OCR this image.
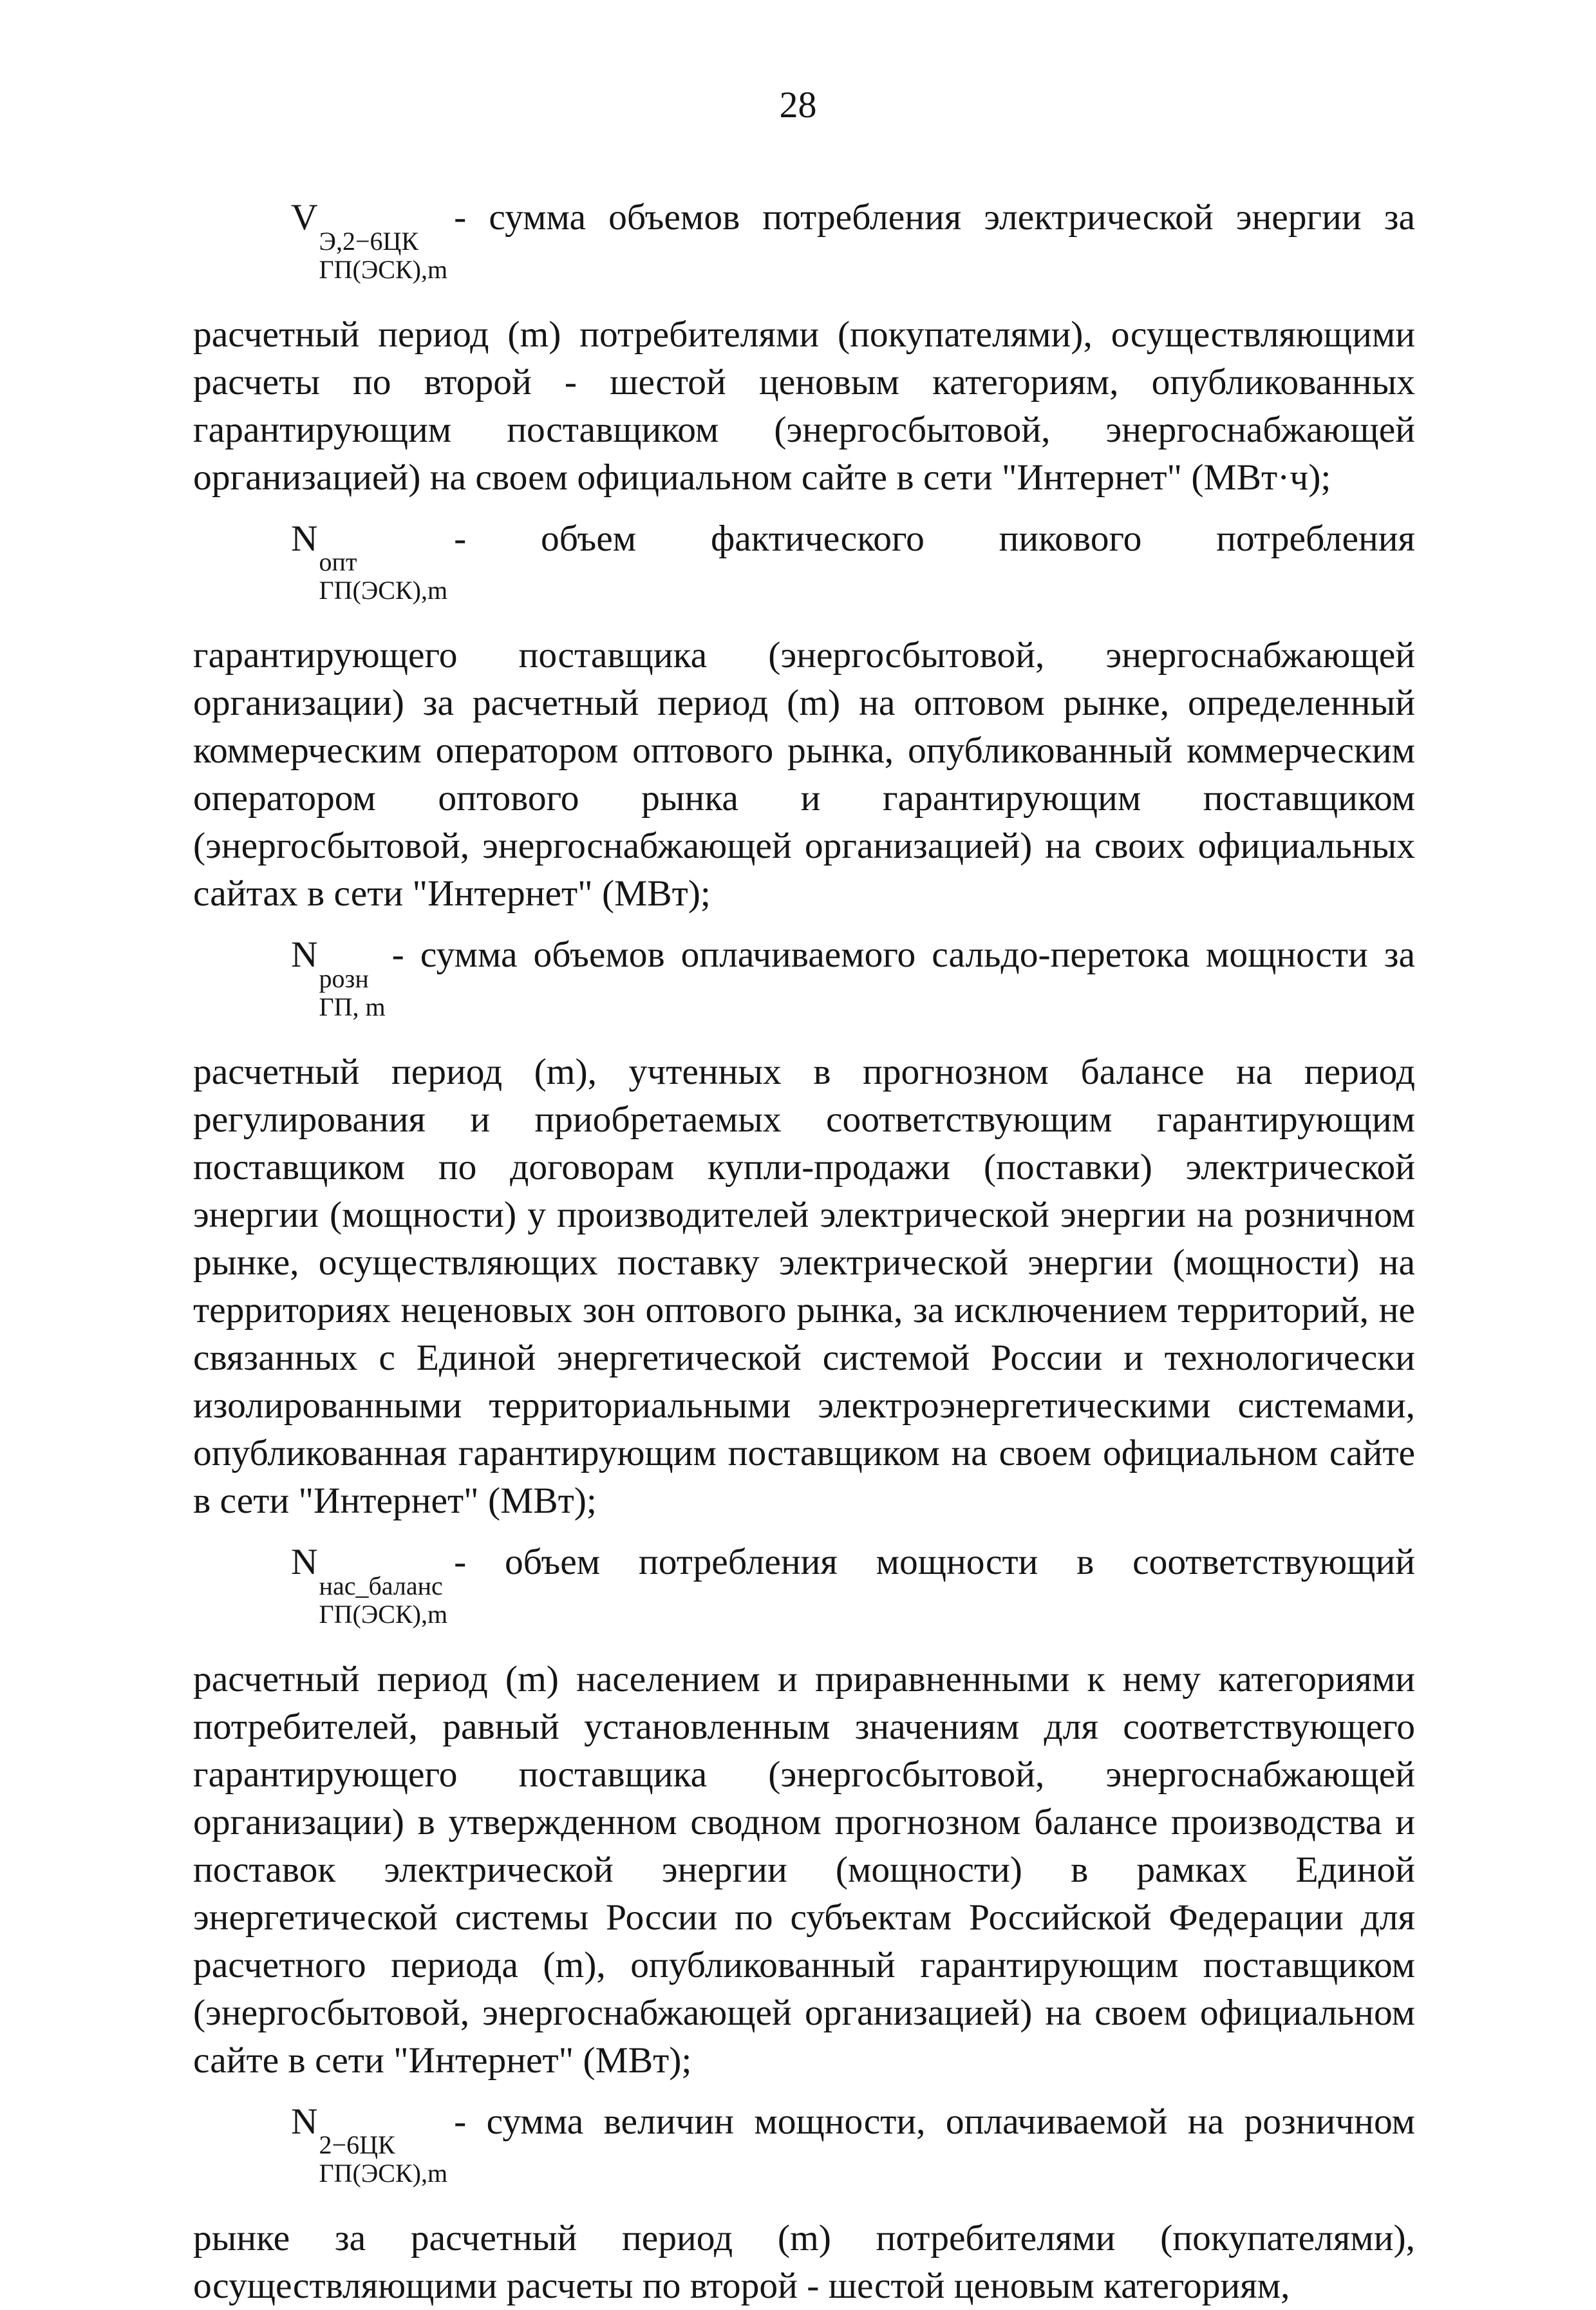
28

V
Э,2−6ЦК
ГП(ЭСК),m
- сумма объемов потребления электрической энергии за

расчетный период (m) потребителями (покупателями), осуществляющими расчеты по второй - шестой ценовым категориям, опубликованных гарантирующим поставщиком (энергосбытовой, энергоснабжающей организацией) на своем официальном сайте в сети "Интернет" (МВт·ч);

N
опт
ГП(ЭСК),m
- объем фактического пикового потребления

гарантирующего поставщика (энергосбытовой, энергоснабжающей организации) за расчетный период (m) на оптовом рынке, определенный коммерческим оператором оптового рынка, опубликованный коммерческим оператором оптового рынка и гарантирующим поставщиком (энергосбытовой, энергоснабжающей организацией) на своих официальных сайтах в сети "Интернет" (МВт);

N
розн
ГП, m
- сумма объемов оплачиваемого сальдо-перетока мощности за

расчетный период (m), учтенных в прогнозном балансе на период регулирования и приобретаемых соответствующим гарантирующим поставщиком по договорам купли-продажи (поставки) электрической энергии (мощности) у производителей электрической энергии на розничном рынке, осуществляющих поставку электрической энергии (мощности) на территориях неценовых зон оптового рынка, за исключением территорий, не связанных с Единой энергетической системой России и технологически изолированными территориальными электроэнергетическими системами, опубликованная гарантирующим поставщиком на своем официальном сайте в сети "Интернет" (МВт);

N
нас_баланс
ГП(ЭСК),m
- объем потребления мощности в соответствующий

расчетный период (m) населением и приравненными к нему категориями потребителей, равный установленным значениям для соответствующего гарантирующего поставщика (энергосбытовой, энергоснабжающей организации) в утвержденном сводном прогнозном балансе производства и поставок электрической энергии (мощности) в рамках Единой энергетической системы России по субъектам Российской Федерации для расчетного периода (m), опубликованный гарантирующим поставщиком (энергосбытовой, энергоснабжающей организацией) на своем официальном сайте в сети "Интернет" (МВт);

N
2−6ЦК
ГП(ЭСК),m
- сумма величин мощности, оплачиваемой на розничном

рынке за расчетный период (m) потребителями (покупателями), осуществляющими расчеты по второй - шестой ценовым категориям,
